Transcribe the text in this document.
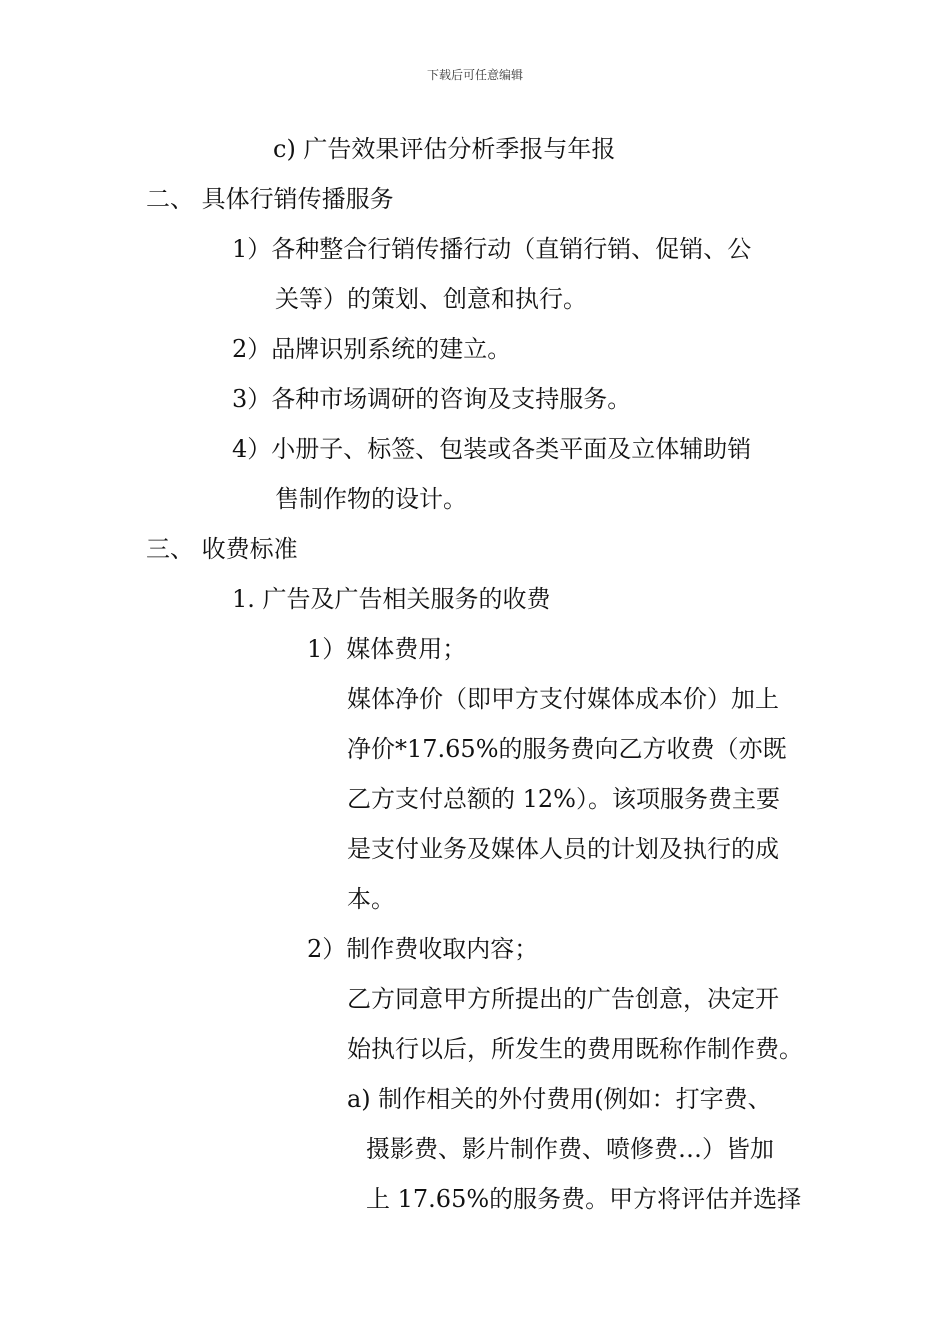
下载后可任意编辑
c) 广告效果评估分析季报与年报
二、 具体行销传播服务
1）各种整合行销传播行动（直销行销、促销、公
关等）的策划、创意和执行。
2）品牌识别系统的建立。
3）各种市场调研的咨询及支持服务。
4）小册子、标签、包装或各类平面及立体辅助销
售制作物的设计。
三、 收费标准
1. 广告及广告相关服务的收费
1）媒体费用；
媒体净价（即甲方支付媒体成本价）加上
净价*17.65%的服务费向乙方收费（亦既
乙方支付总额的 12%）。该项服务费主要
是支付业务及媒体人员的计划及执行的成
本。
2）制作费收取内容；
乙方同意甲方所提出的广告创意，决定开
始执行以后，所发生的费用既称作制作费。
a) 制作相关的外付费用(例如：打字费、
摄影费、影片制作费、喷修费…）皆加
上 17.65%的服务费。甲方将评估并选择
